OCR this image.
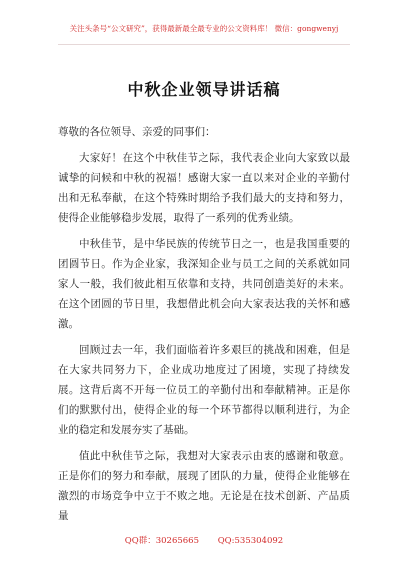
关注头条号“公文研究”，获得最新最全最专业的公文资料库！ 微信：gongwenyj
中秋企业领导讲话稿

尊敬的各位领导、亲爱的同事们：

大家好！在这个中秋佳节之际，我代表企业向大家致以最诚挚的问候和中秋的祝福！感谢大家一直以来对企业的辛勤付出和无私奉献，在这个特殊时期给予我们最大的支持和努力，使得企业能够稳步发展，取得了一系列的优秀业绩。

中秋佳节，是中华民族的传统节日之一，也是我国重要的团圆节日。作为企业家，我深知企业与员工之间的关系就如同家人一般，我们彼此相互依靠和支持，共同创造美好的未来。在这个团圆的节日里，我想借此机会向大家表达我的关怀和感激。

回顾过去一年，我们面临着许多艰巨的挑战和困难，但是在大家共同努力下，企业成功地度过了困境，实现了持续发展。这背后离不开每一位员工的辛勤付出和奉献精神。正是你们的默默付出，使得企业的每一个环节都得以顺利进行，为企业的稳定和发展夯实了基础。

值此中秋佳节之际，我想对大家表示由衷的感谢和敬意。正是你们的努力和奉献，展现了团队的力量，使得企业能够在激烈的市场竞争中立于不败之地。无论是在技术创新、产品质量

QQ群：30265665 QQ:535304092
